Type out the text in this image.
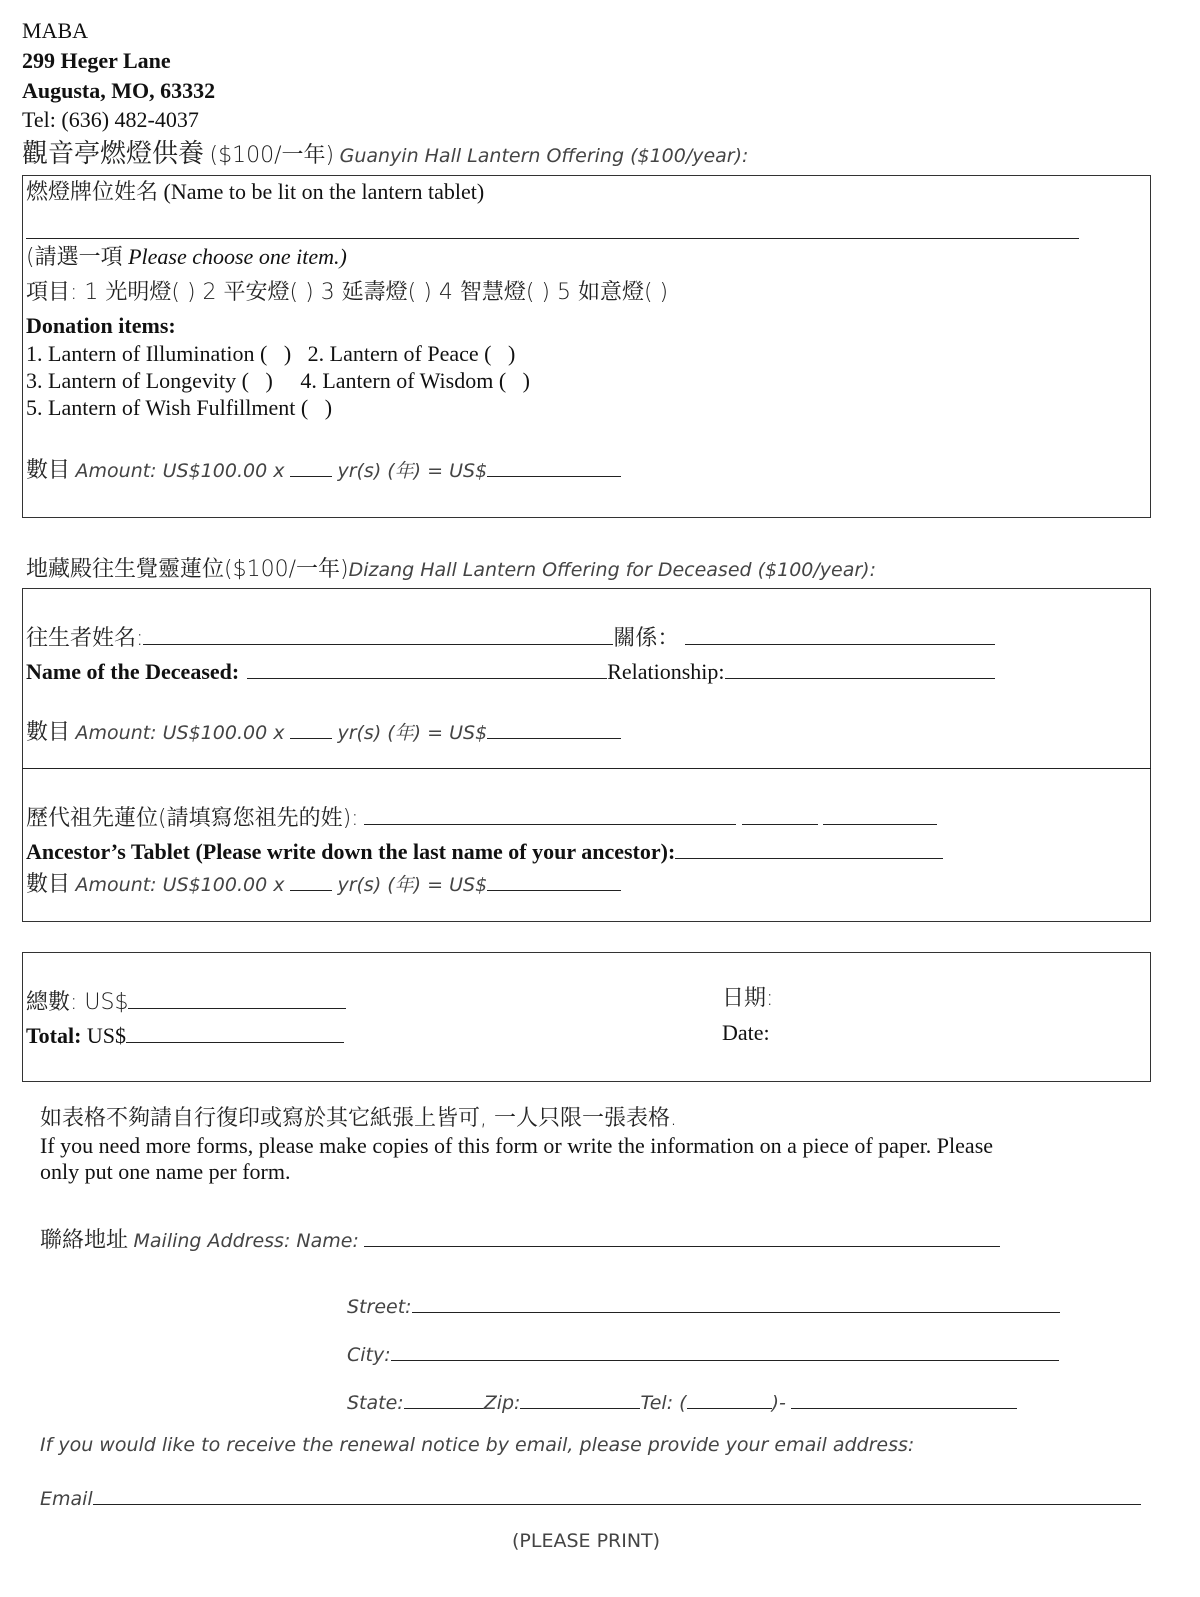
MABA
299 Heger Lane
Augusta, MO, 63332
Tel: (636) 482-4037
觀音亭燃燈供養 ($100/一年) Guanyin Hall Lantern Offering ($100/year):
燃燈牌位姓名 (Name to be lit on the lantern tablet)
(請選一項 Please choose one item.)
項目: 1 光明燈( ) 2 平安燈( ) 3 延壽燈( ) 4 智慧燈( ) 5 如意燈( )
Donation items:
1. Lantern of Illumination (   )   2. Lantern of Peace (   )
3. Lantern of Longevity (   )     4. Lantern of Wisdom (   )
5. Lantern of Wish Fulfillment (   )
數目 Amount: US$100.00 x	yr(s) (年) = US$
地藏殿往生覺靈蓮位($100/一年)Dizang Hall Lantern Offering for Deceased ($100/year):
往生者姓名:	關係：
Name of the Deceased:	Relationship:
數目 Amount: US$100.00 x	yr(s) (年) = US$
歷代祖先蓮位(請填寫您祖先的姓):
Ancestor’s Tablet (Please write down the last name of your ancestor):
數目 Amount: US$100.00 x	yr(s) (年) = US$
總數: US$
Total: US$
日期:
Date:
如表格不夠請自行復印或寫於其它紙張上皆可, 一人只限一張表格.
If you need more forms, please make copies of this form or write the information on a piece of paper. Please
only put one name per form.
聯絡地址 Mailing Address: Name:
Street:
City:
State:	Zip:	Tel: (	)-
If you would like to receive the renewal notice by email, please provide your email address:
Email
(PLEASE PRINT)
